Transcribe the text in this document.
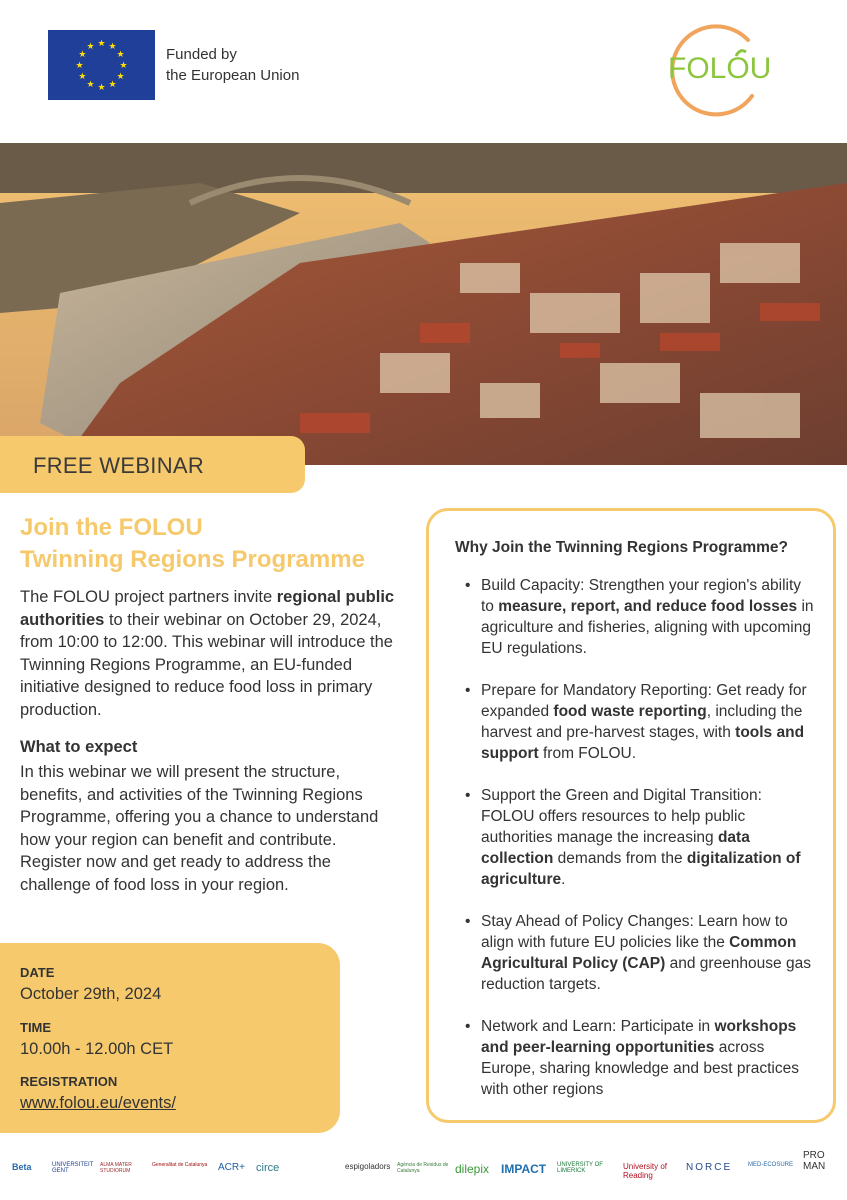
★ ★
★
★
★
★
★
★
★
★
★
★
Funded by
the European Union	FOLOU
FREE WEBINAR
Join the FOLOU
Twinning Regions Programme

The FOLOU project partners invite regional public authorities to their webinar on October 29, 2024, from 10:00 to 12:00. This webinar will introduce the Twinning Regions Programme, an EU-funded initiative designed to reduce food loss in primary production.

What to expect

In this webinar we will present the structure, benefits, and activities of the Twinning Regions Programme, offering you a chance to understand how your region can benefit and contribute. Register now and get ready to address the challenge of food loss in your region.

DATE
October 29th, 2024
TIME
10.00h - 12.00h CET
REGISTRATION
www.folou.eu/events/
Why Join the Twinning Regions Programme?
• Build Capacity: Strengthen your region's ability to measure, report, and reduce food losses in agriculture and fisheries, aligning with upcoming EU regulations.
• Prepare for Mandatory Reporting: Get ready for expanded food waste reporting, including the harvest and pre-harvest stages, with tools and support from FOLOU.
• Support the Green and Digital Transition: FOLOU offers resources to help public authorities manage the increasing data collection demands from the digitalization of agriculture.
• Stay Ahead of Policy Changes: Learn how to align with future EU policies like the Common Agricultural Policy (CAP) and greenhouse gas reduction targets.
• Network and Learn: Participate in workshops and peer-learning opportunities across Europe, sharing knowledge and best practices with other regions
Beta	UNIVERSITEIT GENT
ALMA MATER STUDIORUM
Generalitat de Catalunya	ACR+ circe	espigoladors Agència de Residus de Catalunya	dilepix IMPACT UNIVERSITY OF LIMERICK	University of Reading
NORCE	MED-ECOSURE
PRO MAN
